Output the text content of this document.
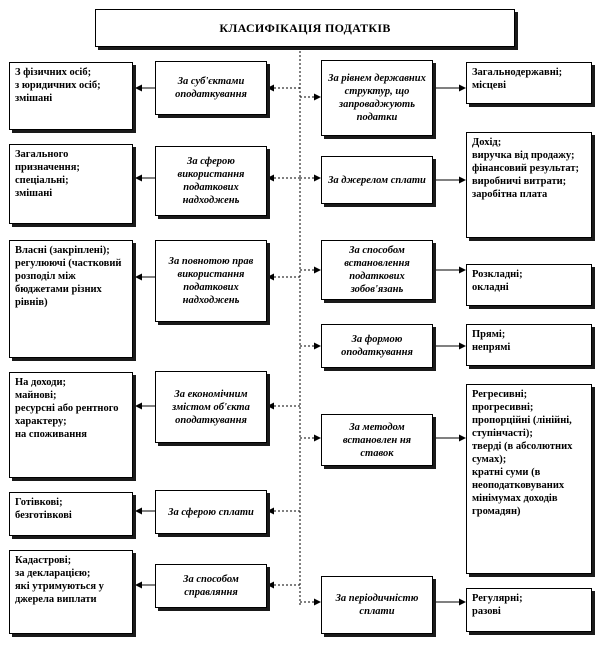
КЛАСИФІКАЦІЯ ПОДАТКІВ
З фізичних осіб;
з юридичних осіб;
змішані
Загального призначення;
спеціальні;
змішані
Власні (закріплені);
регулюючі (частковий розподіл між бюджетами різних рівнів)
На доходи;
майнові;
ресурсні або рентного характеру;
на споживання
Готівкові;
безготівкові
Кадастрові;
за декларацією;
які утримуються у джерела виплати
За суб'єктами оподаткування
За сферою використання податкових надходжень
За повнотою прав використання податкових надходжень
За економічним змістом об'єкта оподаткування
За сферою сплати
За способом справляння
За рівнем державних структур, що запроваджують податки
За джерелом сплати
За способом встановлення податкових зобов'язань
За формою оподаткування
За методом встановлен ня ставок
За періодичністю сплати
Загальнодержавні;
місцеві
Дохід;
виручка від продажу;
фінансовий результат;
виробничі витрати;
заробітна плата
Розкладні;
окладні
Прямі;
непрямі
Регресивні;
прогресивні;
пропорційні (лінійні, ступінчасті);
тверді (в абсолютних сумах);
кратні суми (в неоподатковуваних мінімумах доходів громадян)
Регулярні;
разові
